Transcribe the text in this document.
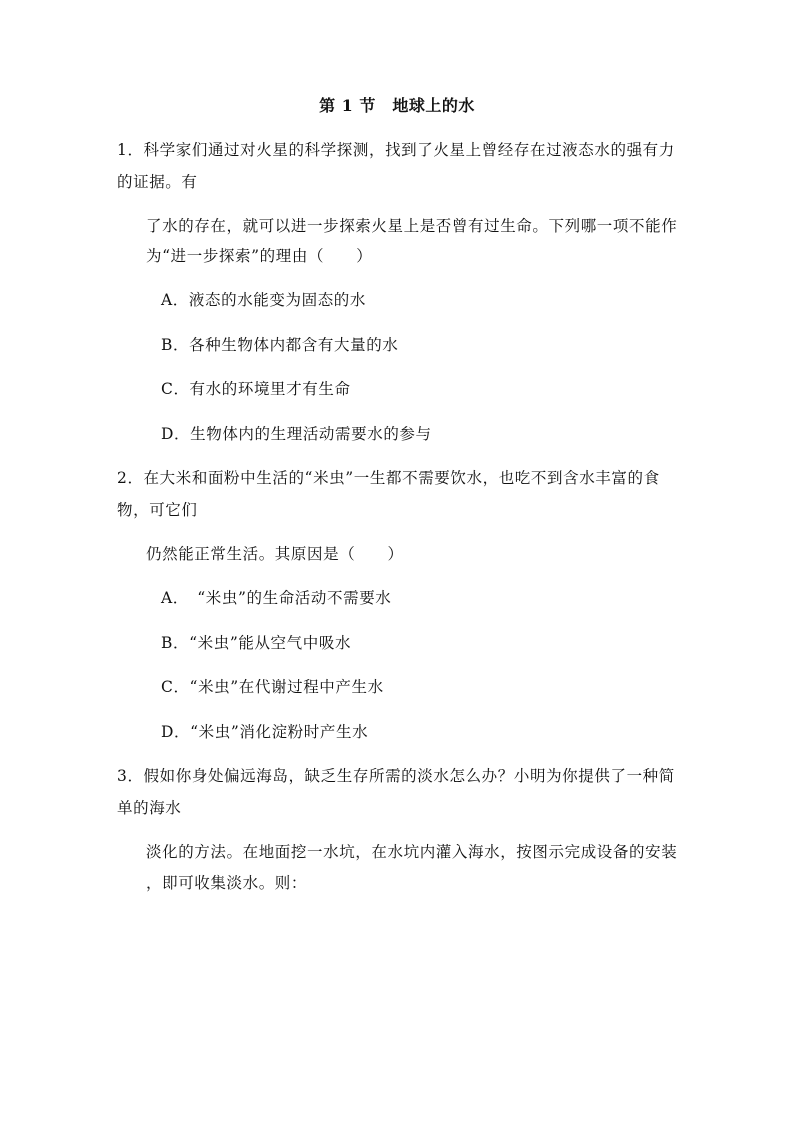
第 1 节　地球上的水
1．科学家们通过对火星的科学探测，找到了火星上曾经存在过液态水的强有力
的证据。有
了水的存在，就可以进一步探索火星上是否曾有过生命。下列哪一项不能作
为“进一步探索”的理由（　　）
A．液态的水能变为固态的水
B．各种生物体内都含有大量的水
C．有水的环境里才有生命
D．生物体内的生理活动需要水的参与
2．在大米和面粉中生活的“米虫”一生都不需要饮水，也吃不到含水丰富的食
物，可它们
仍然能正常生活。其原因是（　　）
A．　“米虫”的生命活动不需要水
B．“米虫”能从空气中吸水
C．“米虫”在代谢过程中产生水
D．“米虫”消化淀粉时产生水
3．假如你身处偏远海岛，缺乏生存所需的淡水怎么办？小明为你提供了一种简
单的海水
淡化的方法。在地面挖一水坑，在水坑内灌入海水，按图示完成设备的安装
，即可收集淡水。则：
